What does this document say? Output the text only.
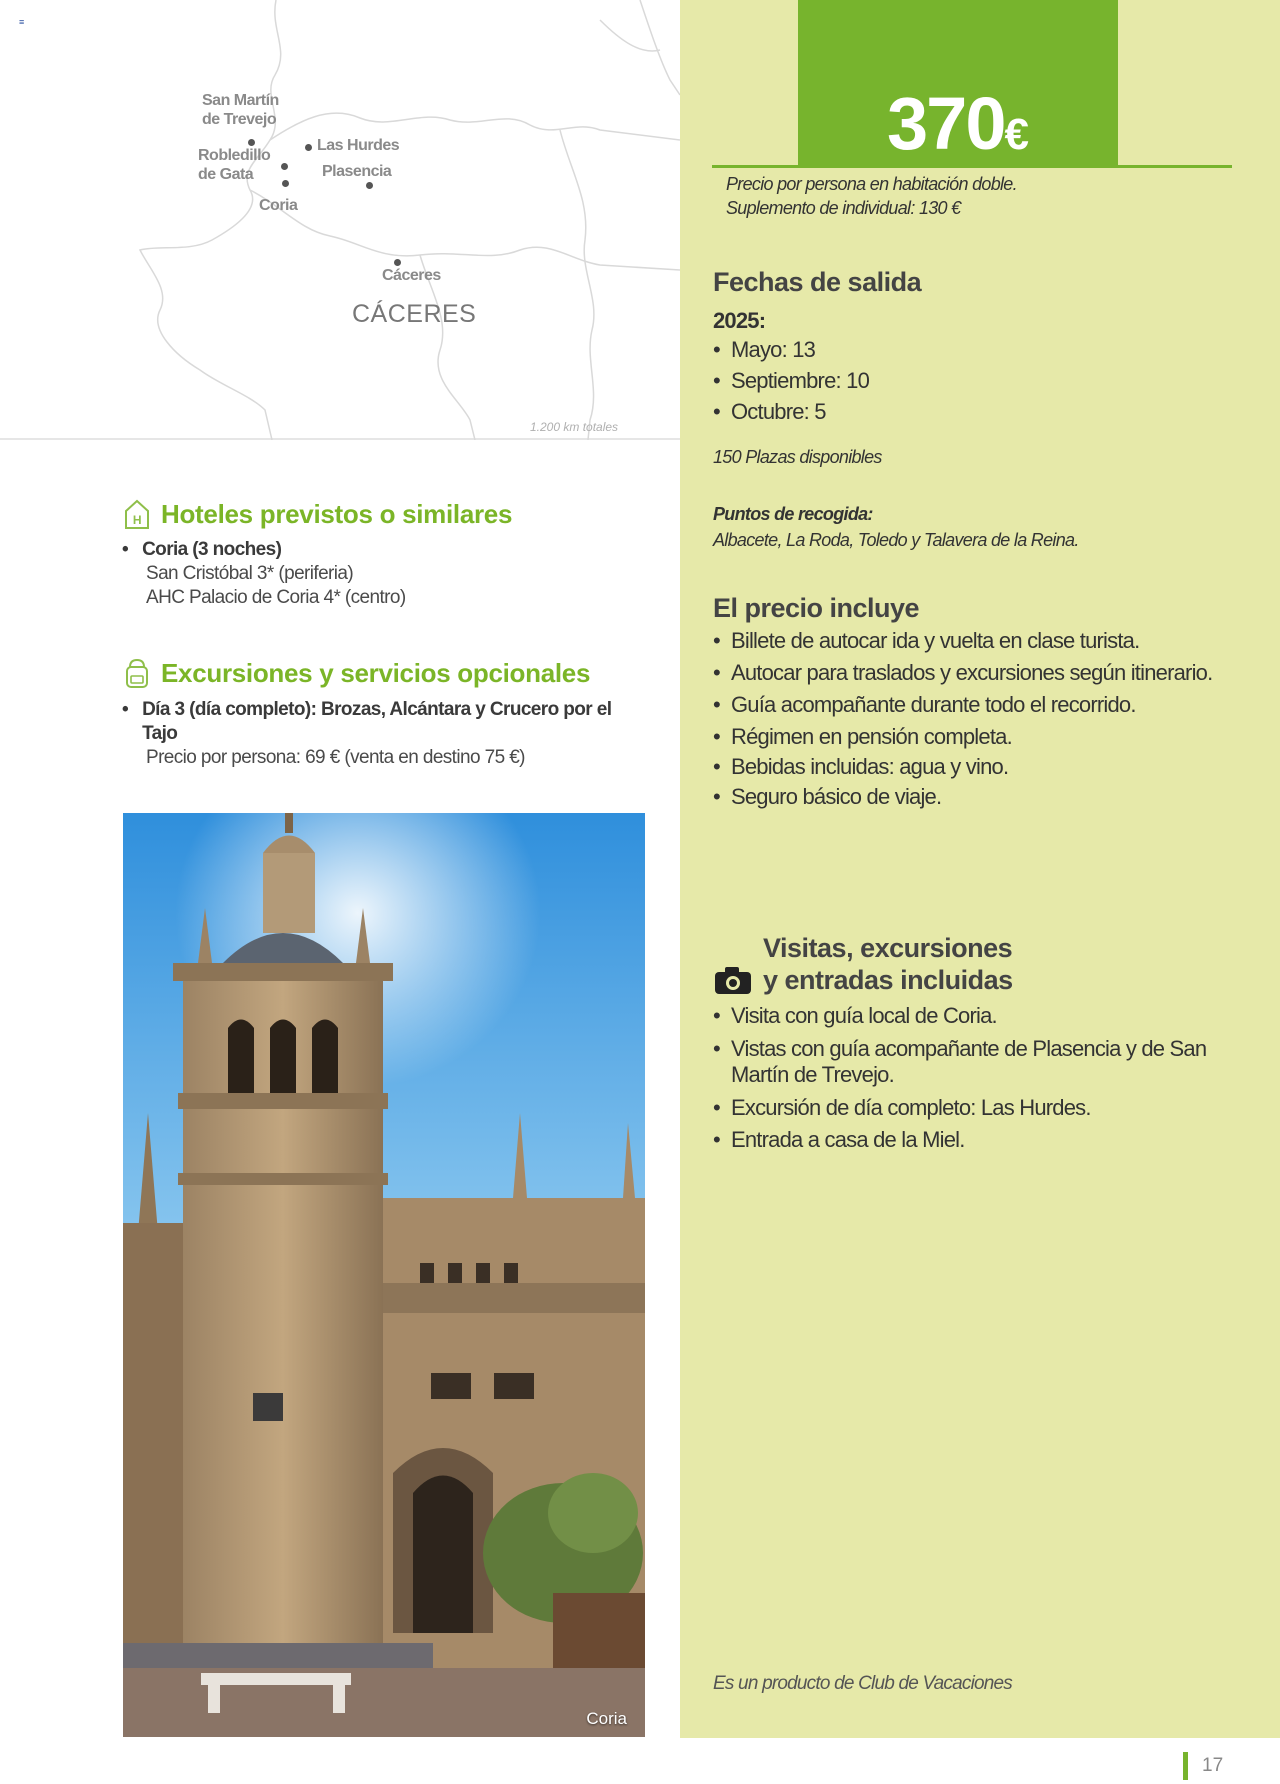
≡
San Martín
de Trevejo
Robledillo
de Gata
Las Hurdes
Plasencia
Coria
Cáceres
CÁCERES
1.200 km totales
H Hoteles previstos o similares
• Coria (3 noches)
San Cristóbal 3* (periferia)
AHC Palacio de Coria 4* (centro)
Excursiones y servicios opcionales
• Día 3 (día completo): Brozas, Alcántara y Crucero por el Tajo
Precio por persona: 69 € (venta en destino 75 €)
Coria
370€
Precio por persona en habitación doble.
Suplemento de individual: 130 €
Fechas de salida
2025:
• Mayo: 13
• Septiembre: 10
• Octubre: 5
150 Plazas disponibles
Puntos de recogida:
Albacete, La Roda, Toledo y Talavera de la Reina.
El precio incluye
• Billete de autocar ida y vuelta en clase turista.
• Autocar para traslados y excursiones según itinerario.
• Guía acompañante durante todo el recorrido.
• Régimen en pensión completa.
• Bebidas incluidas: agua y vino.
• Seguro básico de viaje.
Visitas, excursiones
y entradas incluidas
• Visita con guía local de Coria.
• Vistas con guía acompañante de Plasencia y de San Martín de Trevejo.
• Excursión de día completo: Las Hurdes.
• Entrada a casa de la Miel.
Es un producto de Club de Vacaciones
17
